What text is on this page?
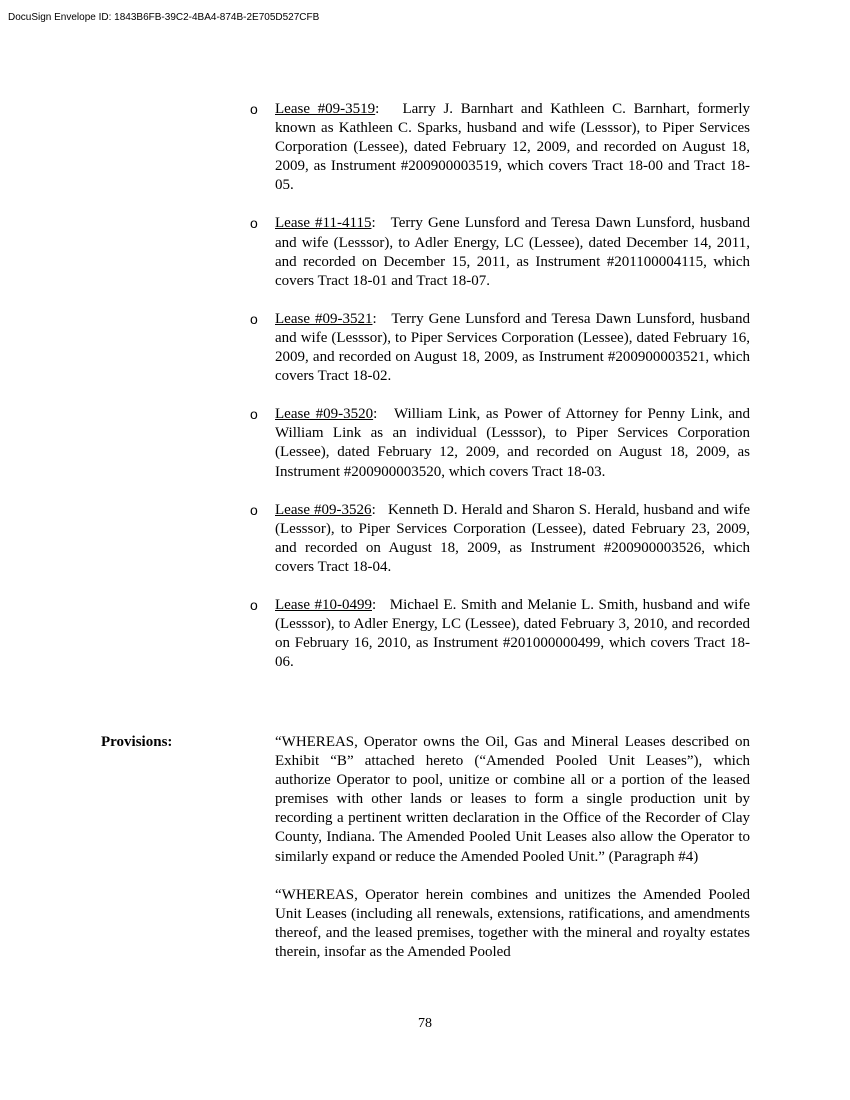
DocuSign Envelope ID: 1843B6FB-39C2-4BA4-874B-2E705D527CFB
o Lease #09-3519:   Larry J. Barnhart and Kathleen C. Barnhart, formerly known as Kathleen C. Sparks, husband and wife (Lesssor), to Piper Services Corporation (Lessee), dated February 12, 2009, and recorded on August 18, 2009, as Instrument #200900003519, which covers Tract 18-00 and Tract 18-05.
o Lease #11-4115:   Terry Gene Lunsford and Teresa Dawn Lunsford, husband and wife (Lesssor), to Adler Energy, LC (Lessee), dated December 14, 2011, and recorded on December 15, 2011, as Instrument #201100004115, which covers Tract 18-01 and Tract 18-07.
o Lease #09-3521:   Terry Gene Lunsford and Teresa Dawn Lunsford, husband and wife (Lesssor), to Piper Services Corporation (Lessee), dated February 16, 2009, and recorded on August 18, 2009, as Instrument #200900003521, which covers Tract 18-02.
o Lease #09-3520:   William Link, as Power of Attorney for Penny Link, and William Link as an individual (Lesssor), to Piper Services Corporation (Lessee), dated February 12, 2009, and recorded on August 18, 2009, as Instrument #200900003520, which covers Tract 18-03.
o Lease #09-3526:   Kenneth D. Herald and Sharon S. Herald, husband and wife (Lesssor), to Piper Services Corporation (Lessee), dated February 23, 2009, and recorded on August 18, 2009, as Instrument #200900003526, which covers Tract 18-04.
o Lease #10-0499:   Michael E. Smith and Melanie L. Smith, husband and wife (Lesssor), to Adler Energy, LC (Lessee), dated February 3, 2010, and recorded on February 16, 2010, as Instrument #201000000499, which covers Tract 18-06.
Provisions:	“WHEREAS, Operator owns the Oil, Gas and Mineral Leases described on Exhibit “B” attached hereto (“Amended Pooled Unit Leases”), which authorize Operator to pool, unitize or combine all or a portion of the leased premises with other lands or leases to form a single production unit by recording a pertinent written declaration in the Office of the Recorder of Clay County, Indiana. The Amended Pooled Unit Leases also allow the Operator to similarly expand or reduce the Amended Pooled Unit.” (Paragraph #4)

“WHEREAS, Operator herein combines and unitizes the Amended Pooled Unit Leases (including all renewals, extensions, ratifications, and amendments thereof, and the leased premises, together with the mineral and royalty estates therein, insofar as the Amended Pooled

78
